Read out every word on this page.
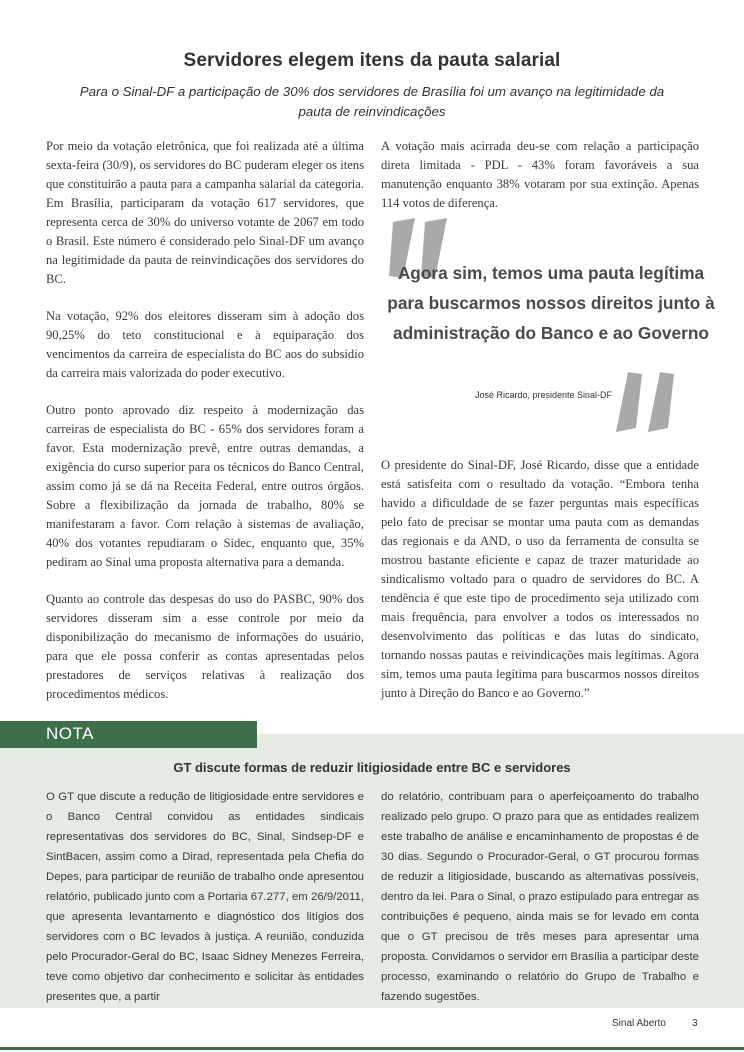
Servidores elegem itens da pauta salarial
Para o Sinal-DF a participação de 30% dos servidores de Brasília foi um avanço na legitimidade da pauta de reinvindicações

Por meio da votação eletrônica, que foi realizada até a última sexta-feira (30/9), os servidores do BC puderam eleger os itens que constituirão a pauta para a campanha salarial da categoria. Em Brasília, participaram da votação 617 servidores, que representa cerca de 30% do universo votante de 2067 em todo o Brasil. Este número é considerado pelo Sinal-DF um avanço na legitimidade da pauta de reinvindicações dos servidores do BC.

Na votação, 92% dos eleitores disseram sim à adoção dos 90,25% do teto constitucional e à equiparação dos vencimentos da carreira de especialista do BC aos do subsidio da carreira mais valorizada do poder executivo.

Outro ponto aprovado diz respeito à modernização das carreiras de especialista do BC - 65% dos servidores foram a favor. Esta modernização prevê, entre outras demandas, a exigência do curso superior para os técnicos do Banco Central, assim como já se dá na Receita Federal, entre outros órgãos. Sobre a flexibilização da jornada de trabalho, 80% se manifestaram a favor. Com relação à sistemas de avaliação, 40% dos votantes repudiaram o Sidec, enquanto que, 35% pediram ao Sinal uma proposta alternativa para a demanda.

Quanto ao controle das despesas do uso do PASBC, 90% dos servidores disseram sim a esse controle por meio da disponibilização do mecanismo de informações do usuário, para que ele possa conferir as contas apresentadas pelos prestadores de serviços relativas à realização dos procedimentos médicos.

A votação mais acirrada deu-se com relação a participação direta limitada - PDL - 43% foram favoráveis a sua manutenção enquanto 38% votaram por sua extinção. Apenas 114 votos de diferença.

Agora sim, temos uma pauta legítima para buscarmos nossos direitos junto à administração do Banco e ao Governo
José Ricardo, presidente Sinal-DF

O presidente do Sinal-DF, José Ricardo, disse que a entidade está satisfeita com o resultado da votação. “Embora tenha havido a dificuldade de se fazer perguntas mais específicas pelo fato de precisar se montar uma pauta com as demandas das regionais e da AND, o uso da ferramenta de consulta se mostrou bastante eficiente e capaz de trazer maturidade ao sindicalismo voltado para o quadro de servidores do BC. A tendência é que este tipo de procedimento seja utilizado com mais frequência, para envolver a todos os interessados no desenvolvimento das políticas e das lutas do sindicato, tornando nossas pautas e reivindicações mais legítimas. Agora sim, temos uma pauta legítima para buscarmos nossos direitos junto à Direção do Banco e ao Governo.”

NOTA
GT discute formas de reduzir litigiosidade entre BC e servidores
O GT que discute a redução de litigiosidade entre servidores e o Banco Central convidou as entidades sindicais representativas dos servidores do BC, Sinal, Sindsep-DF e SintBacen, assim como a Dirad, representada pela Chefia do Depes, para participar de reunião de trabalho onde apresentou relatório, publicado junto com a Portaria 67.277, em 26/9/2011, que apresenta levantamento e diagnóstico dos litígios dos servidores com o BC levados à justiça. A reunião, conduzida pelo Procurador-Geral do BC, Isaac Sidney Menezes Ferreira, teve como objetivo dar conhecimento e solicitar às entidades presentes que, a partir
do relatório, contribuam para o aperfeiçoamento do trabalho realizado pelo grupo. O prazo para que as entidades realizem este trabalho de análise e encaminhamento de propostas é de 30 dias. Segundo o Procurador-Geral, o GT procurou formas de reduzir a litigiosidade, buscando as alternativas possíveis, dentro da lei. Para o Sinal, o prazo estipulado para entregar as contribuições é pequeno, ainda mais se for levado em conta que o GT precisou de três meses para apresentar uma proposta. Convidamos o servidor em Brasília a participar deste processo, examinando o relatório do Grupo de Trabalho e fazendo sugestões.
Sinal Aberto	3
